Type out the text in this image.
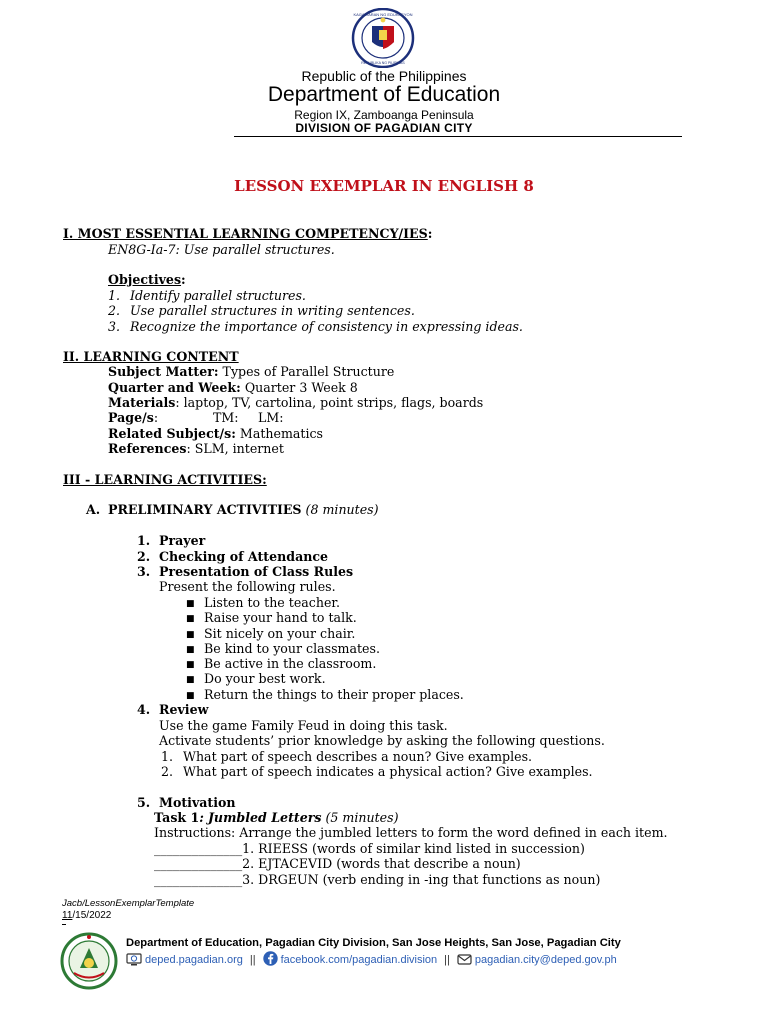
KAGAWARAN NG EDUKASYON
REPUBLIKA NG PILIPINAS
Republic of the Philippines
Department of Education
Region IX, Zamboanga Peninsula
DIVISION OF PAGADIAN CITY
LESSON EXEMPLAR IN ENGLISH 8
I. MOST ESSENTIAL LEARNING COMPETENCY/IES:
EN8G-Ia-7: Use parallel structures.
Objectives:
1. Identify parallel structures.
2. Use parallel structures in writing sentences.
3. Recognize the importance of consistency in expressing ideas.
II. LEARNING CONTENT
Subject Matter: Types of Parallel Structure
Quarter and Week: Quarter 3 Week 8
Materials: laptop, TV, cartolina, point strips, flags, boards
Page/s:	TM: LM:
Related Subject/s: Mathematics
References: SLM, internet
III - LEARNING ACTIVITIES:
A. PRELIMINARY ACTIVITIES (8 minutes)
1. Prayer
2. Checking of Attendance
3. Presentation of Class Rules
Present the following rules.
■ Listen to the teacher.
■ Raise your hand to talk.
■ Sit nicely on your chair.
■ Be kind to your classmates.
■ Be active in the classroom.
■ Do your best work.
■ Return the things to their proper places.
4. Review
Use the game Family Feud in doing this task.
Activate students’ prior knowledge by asking the following questions.
1. What part of speech describes a noun? Give examples.
2. What part of speech indicates a physical action? Give examples.
5. Motivation
Task 1: Jumbled Letters (5 minutes)
Instructions: Arrange the jumbled letters to form the word defined in each item.
______________1. RIEESS (words of similar kind listed in succession)
______________2. EJTACEVID (words that describe a noun)
______________3. DRGEUN (verb ending in -ing that functions as noun)
Jacb/LessonExemplarTemplate
11/15/2022
Department of Education, Pagadian City Division, San Jose Heights, San Jose, Pagadian City
deped.pagadian.org || facebook.com/pagadian.division || pagadian.city@deped.gov.ph
